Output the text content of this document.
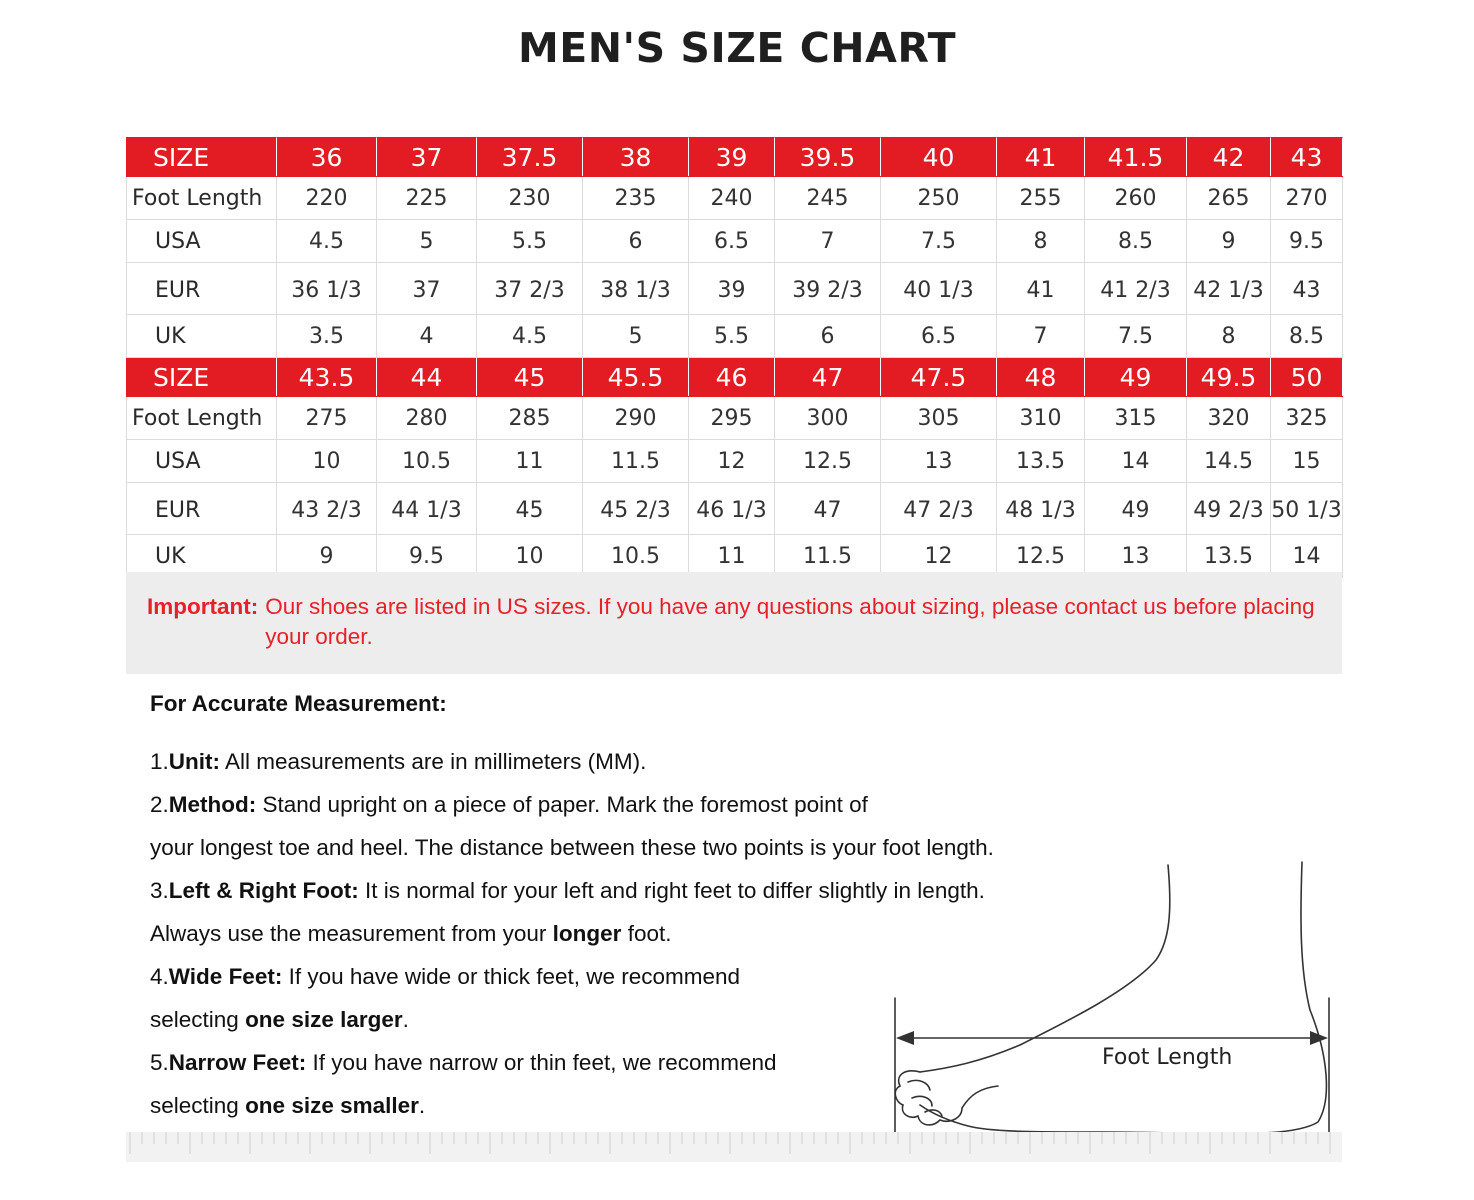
MEN'S SIZE CHART
SIZE	36	37	37.5	38	39	39.5	40	41	41.5	42	43
Foot Length	220	225	230	235	240	245	250	255	260	265	270
USA	4.5	5	5.5	6	6.5	7	7.5	8	8.5	9	9.5
EUR	36 1/3	37	37 2/3	38 1/3	39	39 2/3	40 1/3	41	41 2/3	42 1/3	43
UK	3.5	4	4.5	5	5.5	6	6.5	7	7.5	8	8.5
SIZE	43.5	44	45	45.5	46	47	47.5	48	49	49.5	50
Foot Length	275	280	285	290	295	300	305	310	315	320	325
USA	10	10.5	11	11.5	12	12.5	13	13.5	14	14.5	15
EUR	43 2/3	44 1/3	45	45 2/3	46 1/3	47	47 2/3	48 1/3	49	49 2/3	50 1/3
UK	9	9.5	10	10.5	11	11.5	12	12.5	13	13.5	14
Important: Our shoes are listed in US sizes. If you have any questions about sizing, please contact us before placing your order.
For Accurate Measurement:
1.Unit: All measurements are in millimeters (MM).
2.Method: Stand upright on a piece of paper. Mark the foremost point of
your longest toe and heel. The distance between these two points is your foot length.
3.Left & Right Foot: It is normal for your left and right feet to differ slightly in length.
Always use the measurement from your longer foot.
4.Wide Feet: If you have wide or thick feet, we recommend
selecting one size larger.
5.Narrow Feet: If you have narrow or thin feet, we recommend
selecting one size smaller.
Foot Length
